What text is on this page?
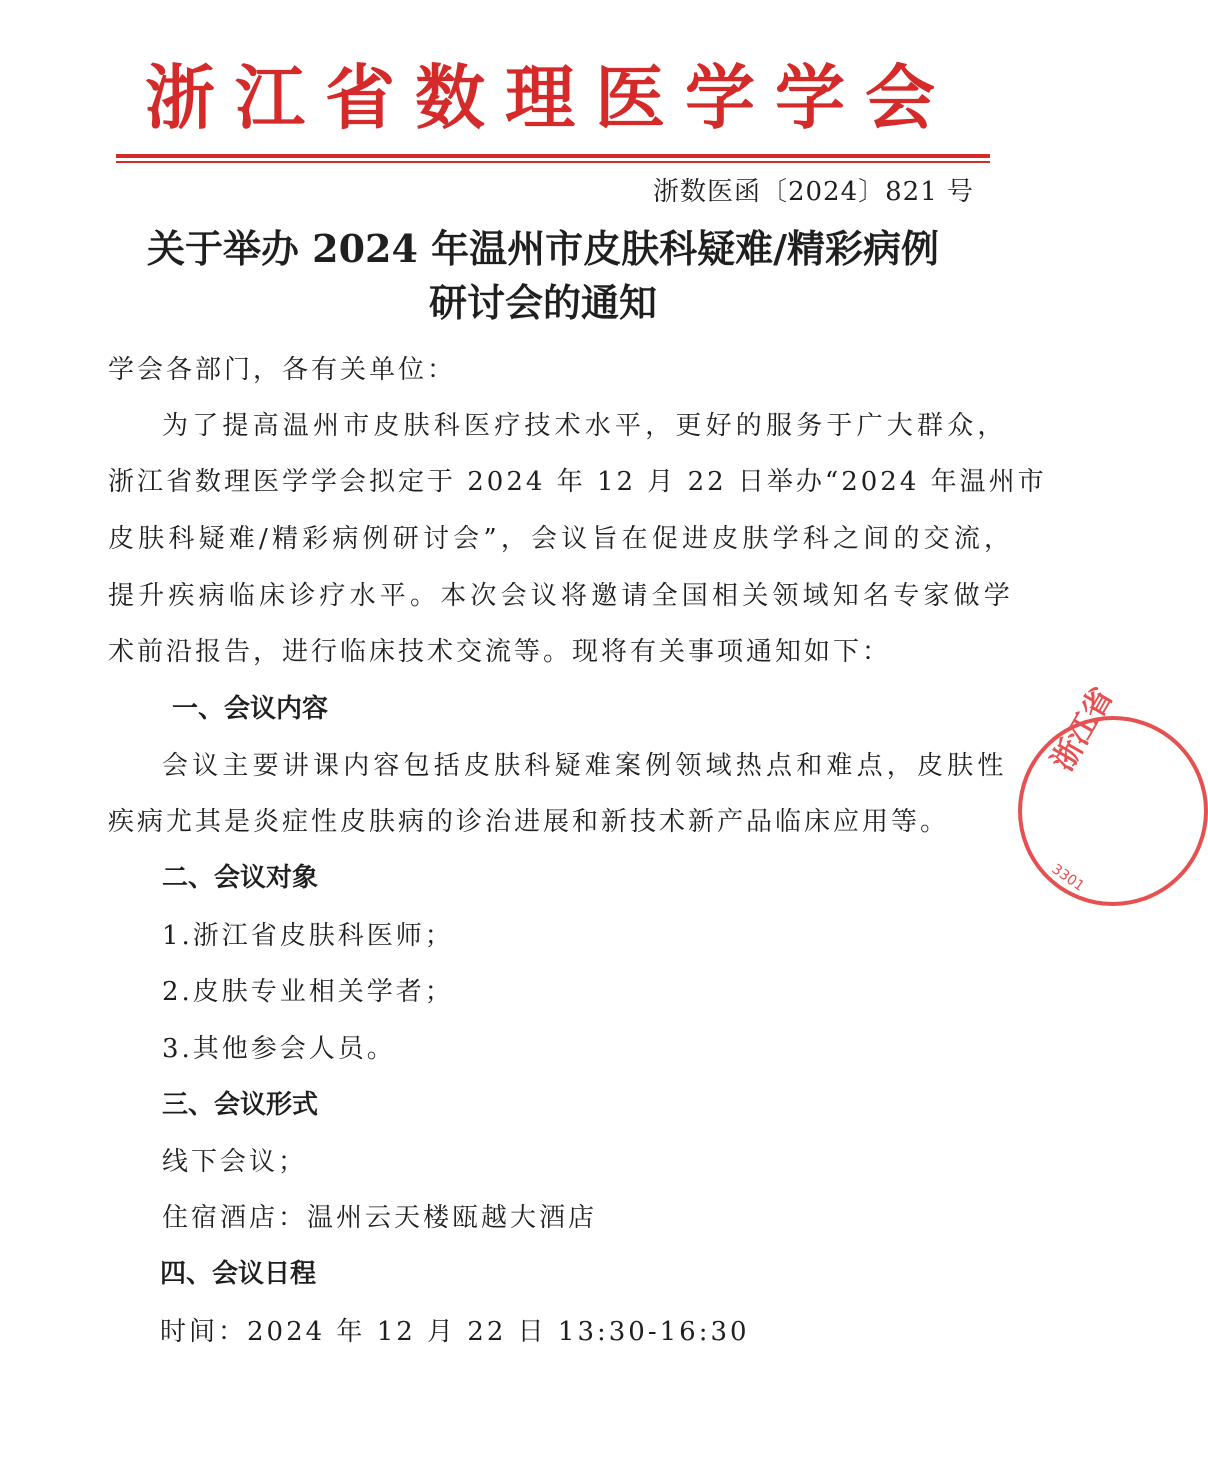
浙江省数理医学学会
浙数医函〔2024〕821 号
关于举办 2024 年温州市皮肤科疑难/精彩病例
研讨会的通知
学会各部门，各有关单位：
为了提高温州市皮肤科医疗技术水平，更好的服务于广大群众，
浙江省数理医学学会拟定于 2024 年 12 月 22 日举办“2024 年温州市
皮肤科疑难/精彩病例研讨会”，会议旨在促进皮肤学科之间的交流，
提升疾病临床诊疗水平。本次会议将邀请全国相关领域知名专家做学
术前沿报告，进行临床技术交流等。现将有关事项通知如下：
一、会议内容
会议主要讲课内容包括皮肤科疑难案例领域热点和难点，皮肤性
疾病尤其是炎症性皮肤病的诊治进展和新技术新产品临床应用等。
二、会议对象
1.浙江省皮肤科医师；
2.皮肤专业相关学者；
3.其他参会人员。
三、会议形式
线下会议；
住宿酒店：温州云天楼瓯越大酒店
四、会议日程
时间：2024 年 12 月 22 日 13:30-16:30
浙江省
3301
